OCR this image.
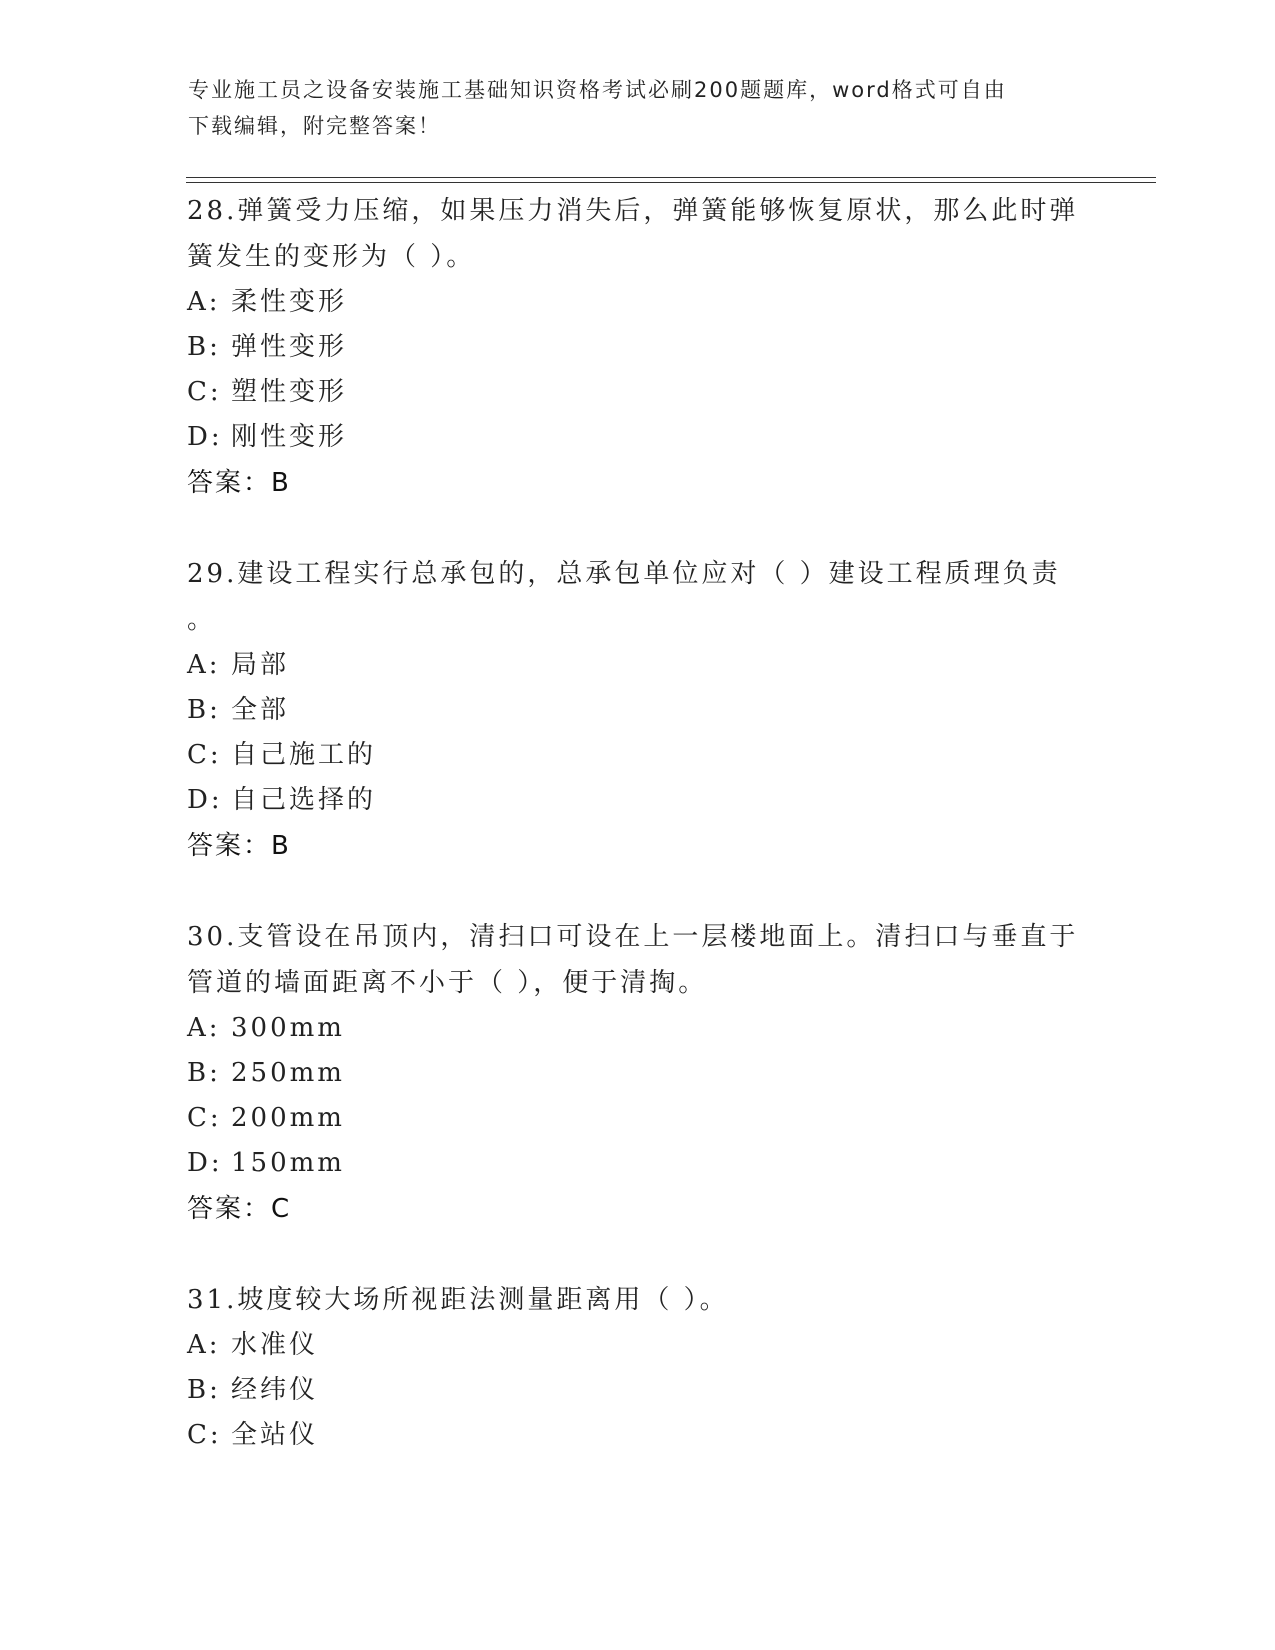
专业施工员之设备安装施工基础知识资格考试必刷200题题库，word格式可自由
下载编辑，附完整答案！
28.弹簧受力压缩，如果压力消失后，弹簧能够恢复原状，那么此时弹
簧发生的变形为（ ）。
A: 柔性变形
B: 弹性变形
C: 塑性变形
D: 刚性变形
答案：B
29.建设工程实行总承包的，总承包单位应对（ ）建设工程质理负责
。
A: 局部
B: 全部
C: 自己施工的
D: 自己选择的
答案：B
30.支管设在吊顶内，清扫口可设在上一层楼地面上。清扫口与垂直于
管道的墙面距离不小于（ ），便于清掏。
A: 300mm
B: 250mm
C: 200mm
D: 150mm
答案：C
31.坡度较大场所视距法测量距离用（ ）。
A: 水准仪
B: 经纬仪
C: 全站仪
